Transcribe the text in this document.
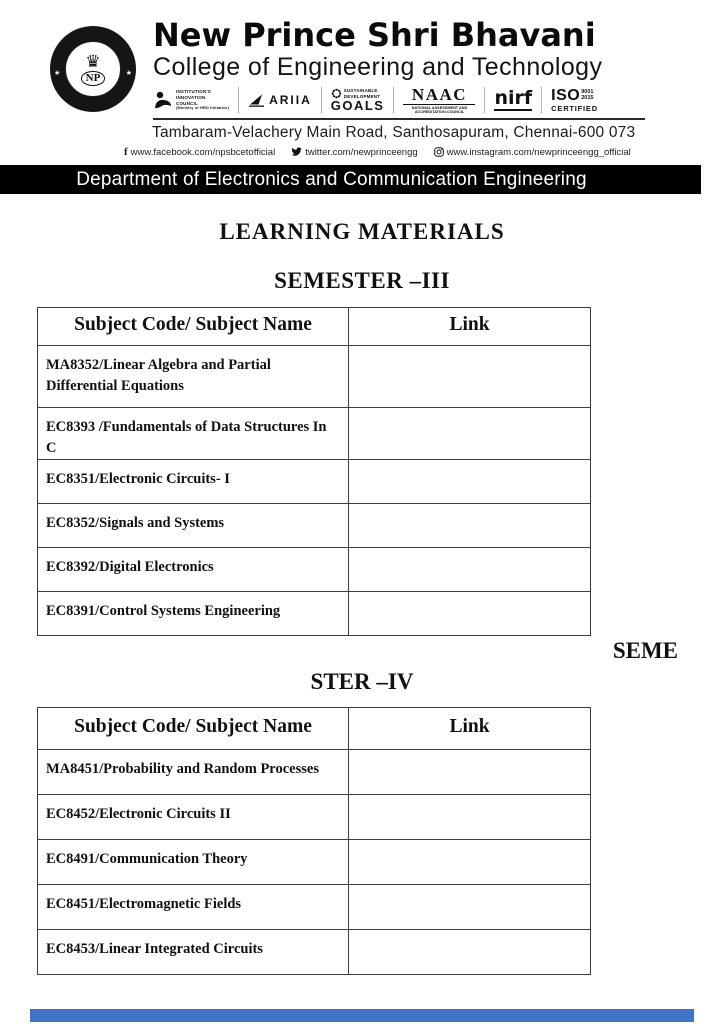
★	★
♛
NP
New Prince Shri Bhavani
College of Engineering and Technology
INSTITUTION'S
INNOVATION
COUNCIL
(Ministry of HRD Initiative)
ARIIA
SUSTAINABLE
DEVELOPMENT
GOALS
NAAC
NATIONAL ASSESSMENT AND ACCREDITATION COUNCIL
nirf ISO 9001
2015
CERTIFIED
Tambaram-Velachery Main Road, Santhosapuram, Chennai-600 073
f www.facebook.com/npsbcetofficial	twitter.com/newprinceengg	www.instagram.com/newprinceengg_official
Department of Electronics and Communication Engineering
LEARNING MATERIALS
SEMESTER –III
Subject Code/ Subject Name	Link
MA8352/Linear Algebra and Partial Differential Equations	
EC8393 /Fundamentals of Data Structures In C	
EC8351/Electronic Circuits- I	
EC8352/Signals and Systems	
EC8392/Digital Electronics	
EC8391/Control Systems Engineering	
SEME
STER –IV
Subject Code/ Subject Name	Link
MA8451/Probability and Random Processes	
EC8452/Electronic Circuits II	
EC8491/Communication Theory	
EC8451/Electromagnetic Fields	
EC8453/Linear Integrated Circuits	
